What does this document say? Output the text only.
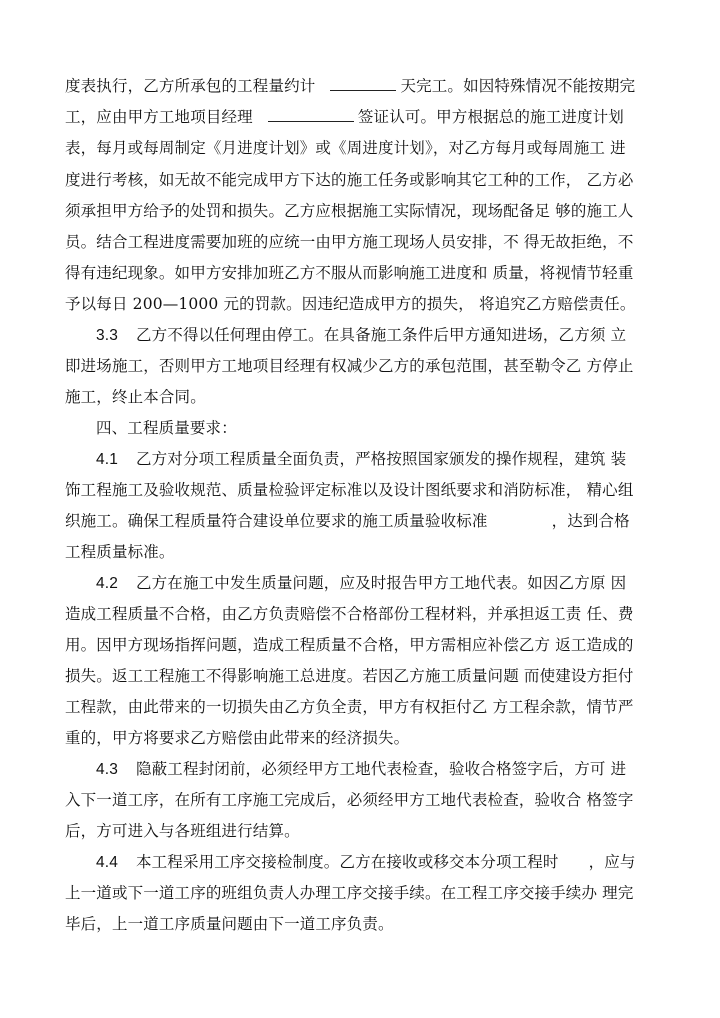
度表执行，乙方所承包的工程量约计	天完工。如因特殊情况不能按期完
工，应由甲方工地项目经理	签证认可。甲方根据总的施工进度计划
表，每月或每周制定《月进度计划》或《周进度计划》，对乙方每月或每周施工 进
度进行考核，如无故不能完成甲方下达的施工任务或影响其它工种的工作， 乙方必
须承担甲方给予的处罚和损失。乙方应根据施工实际情况，现场配备足 够的施工人
员。结合工程进度需要加班的应统一由甲方施工现场人员安排，不 得无故拒绝，不
得有违纪现象。如甲方安排加班乙方不服从而影响施工进度和 质量，将视情节轻重
予以每日 200—1000 元的罚款。因违纪造成甲方的损失， 将追究乙方赔偿责任。
3.3 乙方不得以任何理由停工。在具备施工条件后甲方通知进场，乙方须 立
即进场施工，否则甲方工地项目经理有权减少乙方的承包范围，甚至勒令乙 方停止
施工，终止本合同。
四、工程质量要求：
4.1 乙方对分项工程质量全面负责，严格按照国家颁发的操作规程，建筑 装
饰工程施工及验收规范、质量检验评定标准以及设计图纸要求和消防标准， 精心组
织施工。确保工程质量符合建设单位要求的施工质量验收标准	，达到合格
工程质量标准。
4.2 乙方在施工中发生质量问题，应及时报告甲方工地代表。如因乙方原 因
造成工程质量不合格，由乙方负责赔偿不合格部份工程材料，并承担返工责 任、费
用。因甲方现场指挥问题，造成工程质量不合格，甲方需相应补偿乙方 返工造成的
损失。返工工程施工不得影响施工总进度。若因乙方施工质量问题 而使建设方拒付
工程款，由此带来的一切损失由乙方负全责，甲方有权拒付乙 方工程余款，情节严
重的，甲方将要求乙方赔偿由此带来的经济损失。
4.3 隐蔽工程封闭前，必须经甲方工地代表检查，验收合格签字后，方可 进
入下一道工序，在所有工序施工完成后，必须经甲方工地代表检查，验收合 格签字
后，方可进入与各班组进行结算。
4.4 本工程采用工序交接检制度。乙方在接收或移交本分项工程时 ，应与
上一道或下一道工序的班组负责人办理工序交接手续。在工程工序交接手续办 理完
毕后，上一道工序质量问题由下一道工序负责。
